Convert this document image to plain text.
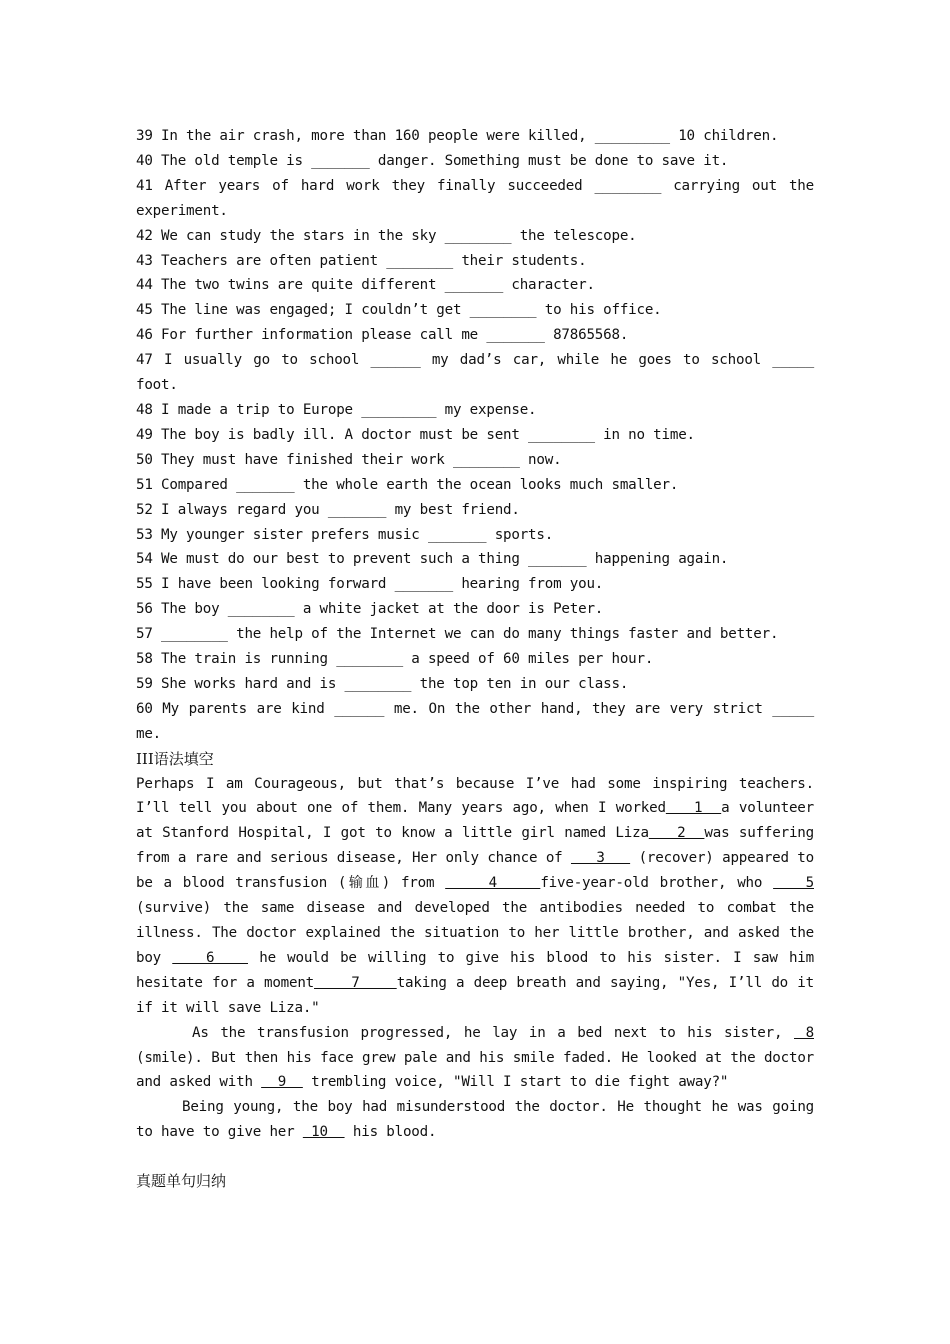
39 In the air crash, more than 160 people were killed, _________ 10 children.
40 The old temple is _______ danger. Something must be done to save it.
41 After years of hard work they finally succeeded ________ carrying out the experiment.
42 We can study the stars in the sky ________ the telescope.
43 Teachers are often patient ________ their students.
44 The two twins are quite different _______ character.
45 The line was engaged; I couldn’t get ________ to his office.
46 For further information please call me _______ 87865568.
47 I usually go to school ______ my dad’s car, while he goes to school _____ foot.
48 I made a trip to Europe _________ my expense.
49 The boy is badly ill. A doctor must be sent ________ in no time.
50 They must have finished their work ________ now.
51 Compared _______ the whole earth the ocean looks much smaller.
52 I always regard you _______ my best friend.
53 My younger sister prefers music _______ sports.
54 We must do our best to prevent such a thing _______ happening again.
55 I have been looking forward _______ hearing from you.
56 The boy ________ a white jacket at the door is Peter.
57 ________ the help of the Internet we can do many things faster and better.
58 The train is running ________ a speed of 60 miles per hour.
59 She works hard and is ________ the top ten in our class.
60 My parents are kind ______ me. On the other hand, they are very strict _____ me.
III语法填空
Perhaps I am Courageous, but that’s because I’ve had some inspiring teachers. I’ll tell you about one of them. Many years ago, when I worked   1  a volunteer at Stanford Hospital, I got to know a little girl named Liza   2  was suffering from a rare and serious disease, Her only chance of    3    (recover) appeared to be a blood transfusion (输血) from     4    five-year-old brother, who    5 (survive) the same disease and developed the antibodies needed to combat the illness. The doctor explained the situation to her little brother, and asked the boy    6    he would be willing to give his blood to his sister. I saw him hesitate for a moment    7    taking a deep breath and saying, "Yes, I’ll do it if it will save Liza."
As the transfusion progressed, he lay in a bed next to his sister,  8 (smile). But then his face grew pale and his smile faded. He looked at the doctor and asked with   9   trembling voice, "Will I start to die fight away?"
Being young, the boy had misunderstood the doctor. He thought he was going to have to give her  10   his blood.
真题单句归纳
